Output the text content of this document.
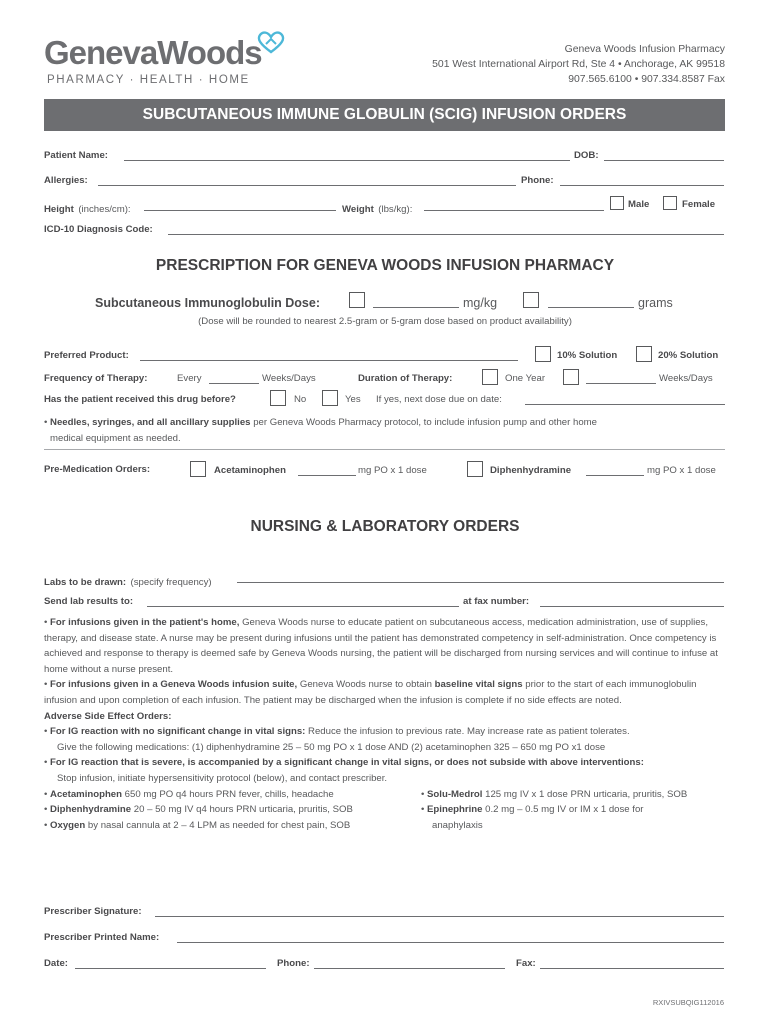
GenevaWoods
PHARMACY · HEALTH · HOME
Geneva Woods Infusion Pharmacy
501 West International Airport Rd, Ste 4 • Anchorage, AK 99518
907.565.6100 • 907.334.8587 Fax
SUBCUTANEOUS IMMUNE GLOBULIN (SCIG) INFUSION ORDERS
Patient Name:	DOB:
Allergies:	Phone:
Height (inches/cm):	Weight (lbs/kg):	Male	Female
ICD-10 Diagnosis Code:
PRESCRIPTION FOR GENEVA WOODS INFUSION PHARMACY
Subcutaneous Immunoglobulin Dose:	mg/kg	grams
(Dose will be rounded to nearest 2.5-gram or 5-gram dose based on product availability)
Preferred Product:	10% Solution	20% Solution
Frequency of Therapy:	Every	Weeks/Days	Duration of Therapy:	One Year	Weeks/Days
Has the patient received this drug before?	No	Yes If yes, next dose due on date:
• Needles, syringes, and all ancillary supplies per Geneva Woods Pharmacy protocol, to include infusion pump and other home
medical equipment as needed.
Pre-Medication Orders:	Acetaminophen	mg PO x 1 dose	Diphenhydramine	mg PO x 1 dose
NURSING & LABORATORY ORDERS
Labs to be drawn: (specify frequency)
Send lab results to:	at fax number:
• For infusions given in the patient's home, Geneva Woods nurse to educate patient on subcutaneous access, medication administration, use of supplies, therapy, and disease state. A nurse may be present during infusions until the patient has demonstrated competency in self-administration. Once competency is achieved and response to therapy is deemed safe by Geneva Woods nursing, the patient will be discharged from nursing services and will continue to infuse at home without a nurse present.
• For infusions given in a Geneva Woods infusion suite, Geneva Woods nurse to obtain baseline vital signs prior to the start of each immunoglobulin infusion and upon completion of each infusion. The patient may be discharged when the infusion is complete if no side effects are noted.
Adverse Side Effect Orders:
• For IG reaction with no significant change in vital signs: Reduce the infusion to previous rate. May increase rate as patient tolerates.
Give the following medications: (1) diphenhydramine 25 – 50 mg PO x 1 dose AND (2) acetaminophen 325 – 650 mg PO x1 dose
• For IG reaction that is severe, is accompanied by a significant change in vital signs, or does not subside with above interventions:
Stop infusion, initiate hypersensitivity protocol (below), and contact prescriber.
• Acetaminophen 650 mg PO q4 hours PRN fever, chills, headache
• Diphenhydramine 20 – 50 mg IV q4 hours PRN urticaria, pruritis, SOB
• Oxygen by nasal cannula at 2 – 4 LPM as needed for chest pain, SOB
• Solu-Medrol 125 mg IV x 1 dose PRN urticaria, pruritis, SOB
• Epinephrine 0.2 mg – 0.5 mg IV or IM x 1 dose for
anaphylaxis
Prescriber Signature:
Prescriber Printed Name:
Date:	Phone:	Fax:
RXIVSUBQIG112016
